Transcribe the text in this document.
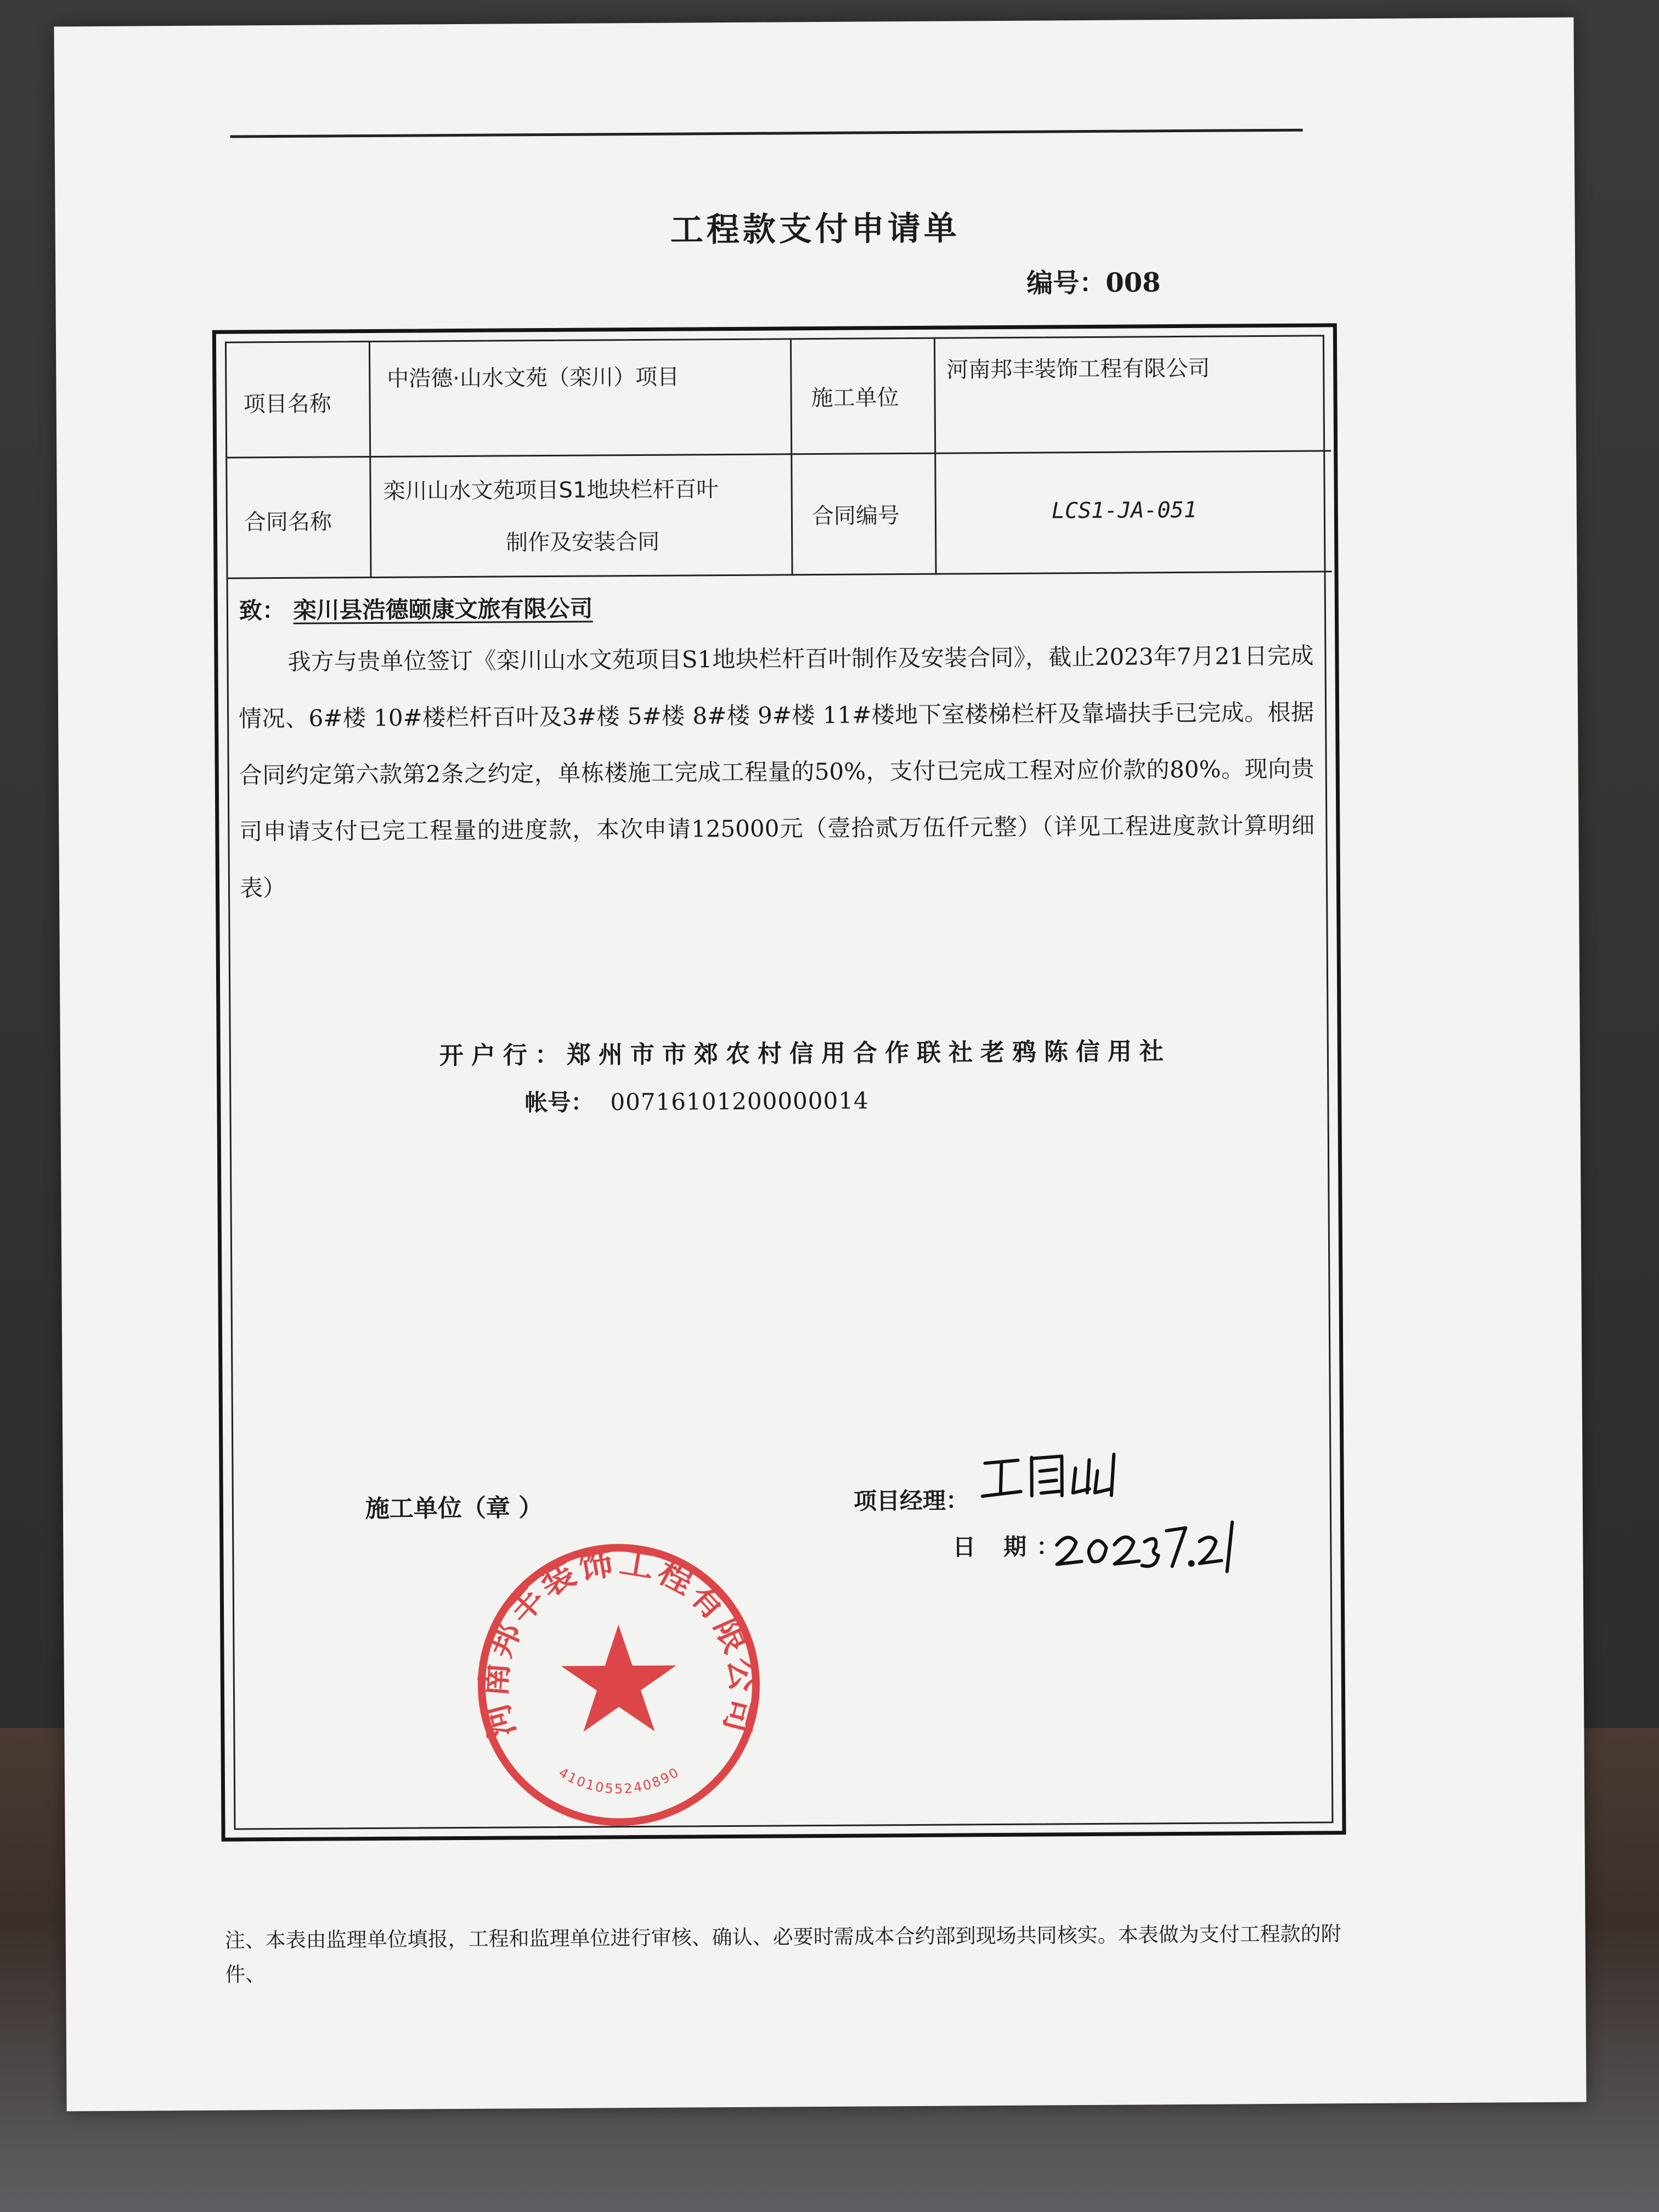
工程款支付申请单
编号：008
项目名称
中浩德·山水文苑（栾川）项目
施工单位
河南邦丰装饰工程有限公司
合同名称
栾川山水文苑项目S1地块栏杆百叶
制作及安装合同
合同编号	LCS1-JA-051
致： 栾川县浩德颐康文旅有限公司
我方与贵单位签订《栾川山水文苑项目S1地块栏杆百叶制作及安装合同》，截止2023年7月21日完成情况、6#楼 10#楼栏杆百叶及3#楼 5#楼 8#楼 9#楼 11#楼地下室楼梯栏杆及靠墙扶手已完成。根据合同约定第六款第2条之约定，单栋楼施工完成工程量的50%，支付已完成工程对应价款的80%。现向贵司申请支付已完工程量的进度款，本次申请125000元（壹拾贰万伍仟元整）（详见工程进度款计算明细表）
开户行：郑州市市郊农村信用合作联社老鸦陈信用社
帐号： 00716101200000014
施工单位（章 ）	项目经理：
日 期：
河南邦丰装饰工程有限公司
4101055240890
注、本表由监理单位填报，工程和监理单位进行审核、确认、必要时需成本合约部到现场共同核实。本表做为支付工程款的附件、
